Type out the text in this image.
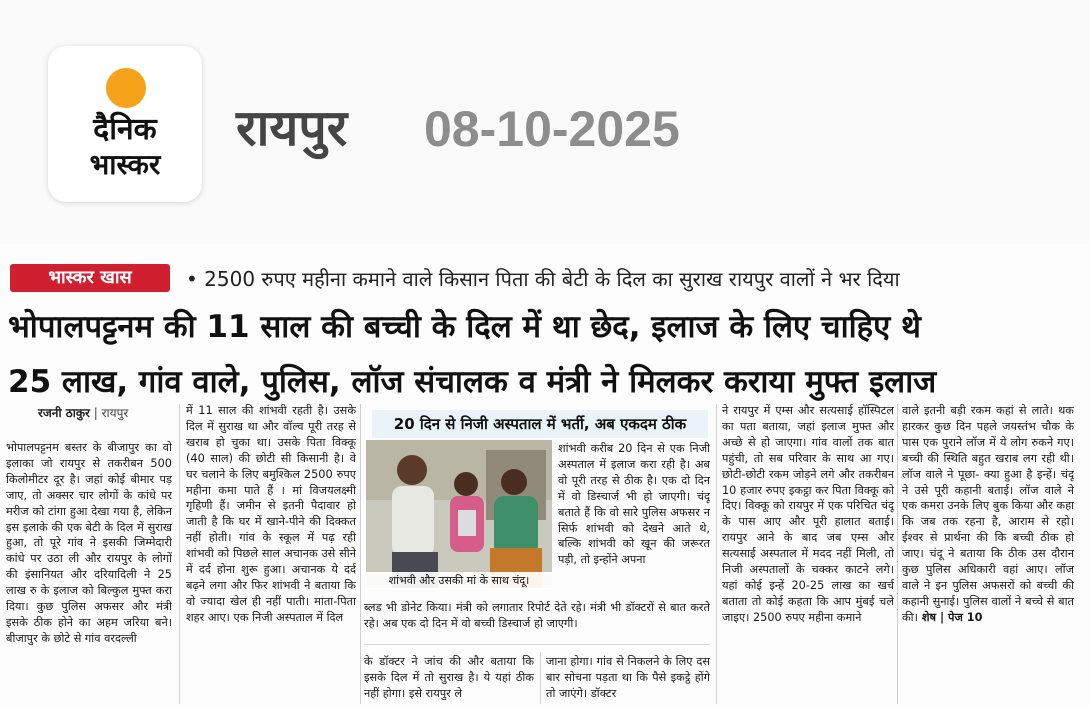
दैनिक
भास्कर
रायपुर 08-10-2025
भास्कर खास	• 2500 रुपए महीना कमाने वाले किसान पिता की बेटी के दिल का सुराख रायपुर वालों ने भर दिया
भोपालपट्टनम की 11 साल की बच्ची के दिल में था छेद, इलाज के लिए चाहिए थे
25 लाख, गांव वाले, पुलिस, लॉज संचालक व मंत्री ने मिलकर कराया मुफ्त इलाज
रजनी ठाकुर | रायपुर

भोपालपट्टनम बस्तर के बीजापुर का वो इलाका जो रायपुर से तकरीबन 500 किलोमीटर दूर है। जहां कोई बीमार पड़ जाए, तो अक्सर चार लोगों के कांधे पर मरीज को टांगा हुआ देखा गया है, लेकिन इस इलाके की एक बेटी के दिल में सुराख हुआ, तो पूरे गांव ने इसकी जिम्मेदारी कांधे पर उठा ली और रायपुर के लोगों की इंसानियत और दरियादिली ने 25 लाख रु के इलाज को बिल्कुल मुफ्त करा दिया। कुछ पुलिस अफसर और मंत्री इसके ठीक होने का अहम जरिया बने। बीजापुर के छोटे से गांव वरदल्ली

में 11 साल की शांभवी रहती है। उसके दिल में सुराख था और वॉल्व पूरी तरह से खराब हो चुका था। उसके पिता विक्कू (40 साल) की छोटी सी किसानी है। वे घर चलाने के लिए बमुश्किल 2500 रुपए महीना कमा पाते हैं । मां विजयलक्ष्मी गृहिणी हैं। जमीन से इतनी पैदावार हो जाती है कि घर में खाने-पीने की दिक्कत नहीं होती। गांव के स्कूल में पढ़ रही शांभवी को पिछले साल अचानक उसे सीने में दर्द होना शुरू हुआ। अचानक ये दर्द बढ़ने लगा और फिर शांभवी ने बताया कि वो ज्यादा खेल ही नहीं पाती। माता-पिता शहर आए। एक निजी अस्पताल में दिल

20 दिन से निजी अस्पताल में भर्ती, अब एकदम ठीक
शांभवी और उसकी मां के साथ चंदू।

शांभवी करीब 20 दिन से एक निजी अस्पताल में इलाज करा रही है। अब वो पूरी तरह से ठीक है। एक दो दिन में वो डिस्चार्ज भी हो जाएगी। चंदू बताते हैं कि वो सारे पुलिस अफसर न सिर्फ शांभवी को देखने आते थे, बल्कि शांभवी को खून की जरूरत पड़ी, तो इन्होंने अपना

ब्लड भी डोनेट किया। मंत्री को लगातार रिपोर्ट देते रहे। मंत्री भी डॉक्टरों से बात करते रहे। अब एक दो दिन में वो बच्ची डिस्चार्ज हो जाएगी।

के डॉक्टर ने जांच की और बताया कि इसके दिल में तो सुराख है। ये यहां ठीक नहीं होगा। इसे रायपुर ले

जाना होगा। गांव से निकलने के लिए दस बार सोचना पड़ता था कि पैसे इकट्ठे होंगे तो जाएंगे। डॉक्टर

ने रायपुर में एम्स और सत्यसाई हॉस्पिटल का पता बताया, जहां इलाज मुफ्त और अच्छे से हो जाएगा। गांव वालों तक बात पहुंची, तो सब परिवार के साथ आ गए। छोटी-छोटी रकम जोड़ने लगे और तकरीबन 10 हजार रुपए इकट्ठा कर पिता विक्कू को दिए। विक्कू को रायपुर में एक परिचित चंदू के पास आए और पूरी हालात बताई। रायपुर आने के बाद जब एम्स और सत्यसाई अस्पताल में मदद नहीं मिली, तो निजी अस्पतालों के चक्कर काटने लगे। यहां कोई इन्हें 20-25 लाख का खर्च बताता तो कोई कहता कि आप मुंबई चले जाइए। 2500 रुपए महीना कमाने

वाले इतनी बड़ी रकम कहां से लाते। थक हारकर कुछ दिन पहले जयस्तंभ चौक के पास एक पुराने लॉज में ये लोग रुकने गए। बच्ची की स्थिति बहुत खराब लग रही थी। लॉज वाले ने पूछा- क्या हुआ है इन्हें। चंदू ने उसे पूरी कहानी बताई। लॉज वाले ने एक कमरा उनके लिए बुक किया और कहा कि जब तक रहना है, आराम से रहो। ईश्वर से प्रार्थना की कि बच्ची ठीक हो जाए। चंदू ने बताया कि ठीक उस दौरान कुछ पुलिस अधिकारी वहां आए। लॉज वाले ने इन पुलिस अफसरों को बच्ची की कहानी सुनाई। पुलिस वालों ने बच्चे से बात की। शेष | पेज 10
